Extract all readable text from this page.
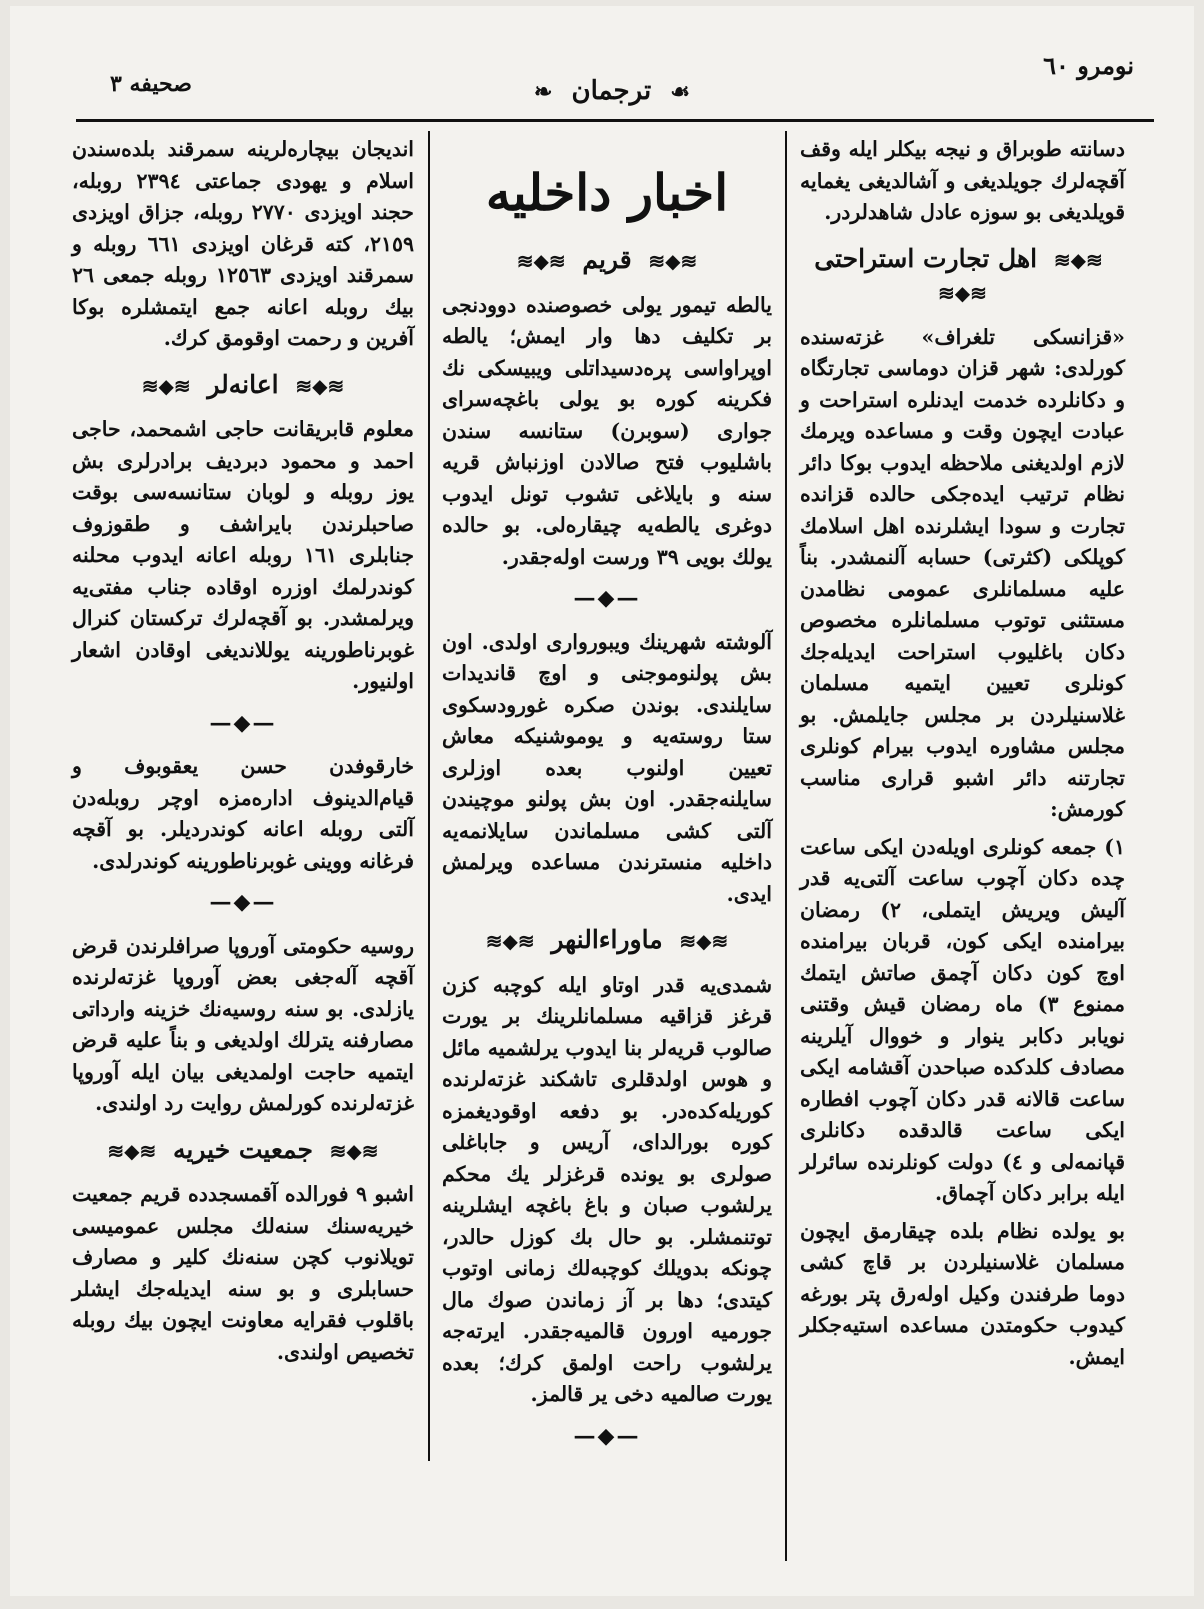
نومرو ٦٠
☙ ترجمان ❧
صحيفه ٣

دسانته طوبراق و نیجه بیکلر ایله وقف آقچه‌لرك جویلدیغی و آشالدیغی یغمایه قویلدیغی بو سوزه عادل شاهدلردر.

≋◆≋ اهل تجارت استراحتی ≋◆≋

«قزانسکی تلغراف» غزته‌سنده کورلدی: شهر قزان دوماسی تجارتگاه و دکانلرده خدمت ایدنلره استراحت و عبادت ایچون وقت و مساعده ویرمك لازم اولدیغنی ملاحظه ایدوب بوکا دائر نظام ترتیب ایده‌جکی حالده قزانده تجارت و سودا ایشلرنده اهل اسلامك کوپلکی (کثرتی) حسابه آلنمشدر. بناً علیه مسلمانلری عمومی نظامدن مستثنی توتوب مسلمانلره مخصوص دکان باغلیوب استراحت ایدیله‌جك کونلری تعیین ایتمیه مسلمان غلاسنیلردن بر مجلس جایلمش. بو مجلس مشاوره ایدوب بیرام کونلری تجارتنه دائر اشبو قراری مناسب کورمش:

١) جمعه کونلری اویله‌دن ایکی ساعت چده دکان آچوب ساعت آلتی‌یه قدر آلیش ویریش ایتملی، ٢) رمضان بیرامنده ایکی کون، قربان بیرامنده اوچ کون دکان آچمق صاتش ایتمك ممنوع ٣) ماه رمضان قیش وقتنی نویابر دکابر ینوار و خووال آیلرینه مصادف کلدکده صباحدن آقشامه ایکی ساعت قالانه قدر دکان آچوب افطاره ایکی ساعت قالدقده دکانلری قپانمه‌لی و ٤) دولت کونلرنده سائرلر ایله برابر دکان آچماق.

بو یولده نظام بلده چیقارمق ایچون مسلمان غلاسنیلردن بر قاچ کشی دوما طرفندن وکیل اوله‌رق پتر بورغه کیدوب حکومتدن مساعده استیه‌جکلر ایمش.

اخبار داخلیه
≋◆≋ قریم ≋◆≋

یالطه تیمور یولی خصوصنده دوودنجی بر تکلیف دها وار ایمش؛ یالطه اوپراواسی پره‌دسیداتلی ویبیسکی نك فکرینه کوره بو یولی باغچه‌سرای جواری (سوبرن) ستانسه سندن باشلیوب فتح صالادن اوزنباش قریه سنه و بایلاغی تشوب تونل ایدوب دوغری یالطه‌یه چیقاره‌لی. بو حالده یولك بویی ٣٩ ورست اوله‌جقدر.

—◆—

آلوشته شهرینك ویبورواری اولدی. اون بش پولنوموجنی و اوچ قاندیدات سایلندی. بوندن صکره غورودسکوی ستا روسته‌یه و یوموشنیکه معاش تعیین اولنوب بعده اوزلری سایلنه‌جقدر. اون بش پولنو موچیندن آلتی کشی مسلماندن سایلانمه‌یه داخلیه منسترندن مساعده ویرلمش ایدی.

≋◆≋ ماوراءالنهر ≋◆≋

شمدی‌یه قدر اوتاو ایله کوچبه کزن قرغز قزاقیه مسلمانلرینك بر یورت صالوب قریه‌لر بنا ایدوب یرلشمیه مائل و هوس اولدقلری تاشکند غزته‌لرنده کوریله‌کده‌در. بو دفعه اوقودیغمزه کوره بورالدای، آریس و جاباغلی صولری بو یونده قرغزلر یك محکم یرلشوب صبان و باغ باغچه ایشلرینه توتنمشلر. بو حال بك کوزل حالدر، چونکه بدویلك کوچبه‌لك زمانی اوتوب کیتدی؛ دها بر آز زماندن صوك مال جورمیه اورون قالمیه‌جقدر. ایرته‌جه یرلشوب راحت اولمق کرك؛ بعده یورت صالمیه دخی یر قالمز.

—◆—

اندیجان بیچاره‌لرینه سمرقند بلده‌سندن اسلام و یهودی جماعتی ٢٣٩٤ روبله، حجند اویزدی ٢٧٧٠ روبله، جزاق اویزدی ٢١٥٩، کته قرغان اویزدی ٦٦١ روبله و سمرقند اویزدی ١٢٥٦٣ روبله جمعی ٢٦ بیك روبله اعانه جمع ایتمشلره بوکا آفرین و رحمت اوقومق کرك.

≋◆≋ اعانه‌لر ≋◆≋

معلوم قابریقانت حاجی اشمحمد، حاجی احمد و محمود دبردیف برادرلری بش یوز روبله و لوبان ستانسه‌سی بوقت صاحبلرندن بایراشف و طقوزوف جنابلری ١٦١ روبله اعانه ایدوب محلنه کوندرلمك اوزره اوقاده جناب مفتی‌یه ویرلمشدر. بو آقچه‌لرك ترکستان کنرال غوبرناطورینه یوللاندیغی اوقادن اشعار اولنیور.

—◆—

خارقوفدن حسن یعقوبوف و قیام‌الدینوف اداره‌مزه اوچر روبله‌دن آلتی روبله اعانه کوندردیلر. بو آقچه فرغانه ووینی غوبرناطورینه کوندرلدی.

—◆—

روسیه حکومتی آوروپا صرافلرندن قرض آقچه آله‌جغی بعض آوروپا غزته‌لرنده یازلدی. بو سنه روسیه‌نك خزینه وارداتی مصارفنه یترلك اولدیغی و بناً علیه قرض ایتمیه حاجت اولمدیغی بیان ایله آوروپا غزته‌لرنده کورلمش روایت رد اولندی.

≋◆≋ جمعیت خیریه ≋◆≋

اشبو ٩ فورالده آقمسجدده قریم جمعیت خیریه‌سنك سنه‌لك مجلس عمومیسی تویلانوب کچن سنه‌نك کلیر و مصارف حسابلری و بو سنه ایدیله‌جك ایشلر باقلوب فقرایه معاونت ایچون بیك روبله تخصیص اولندی.
